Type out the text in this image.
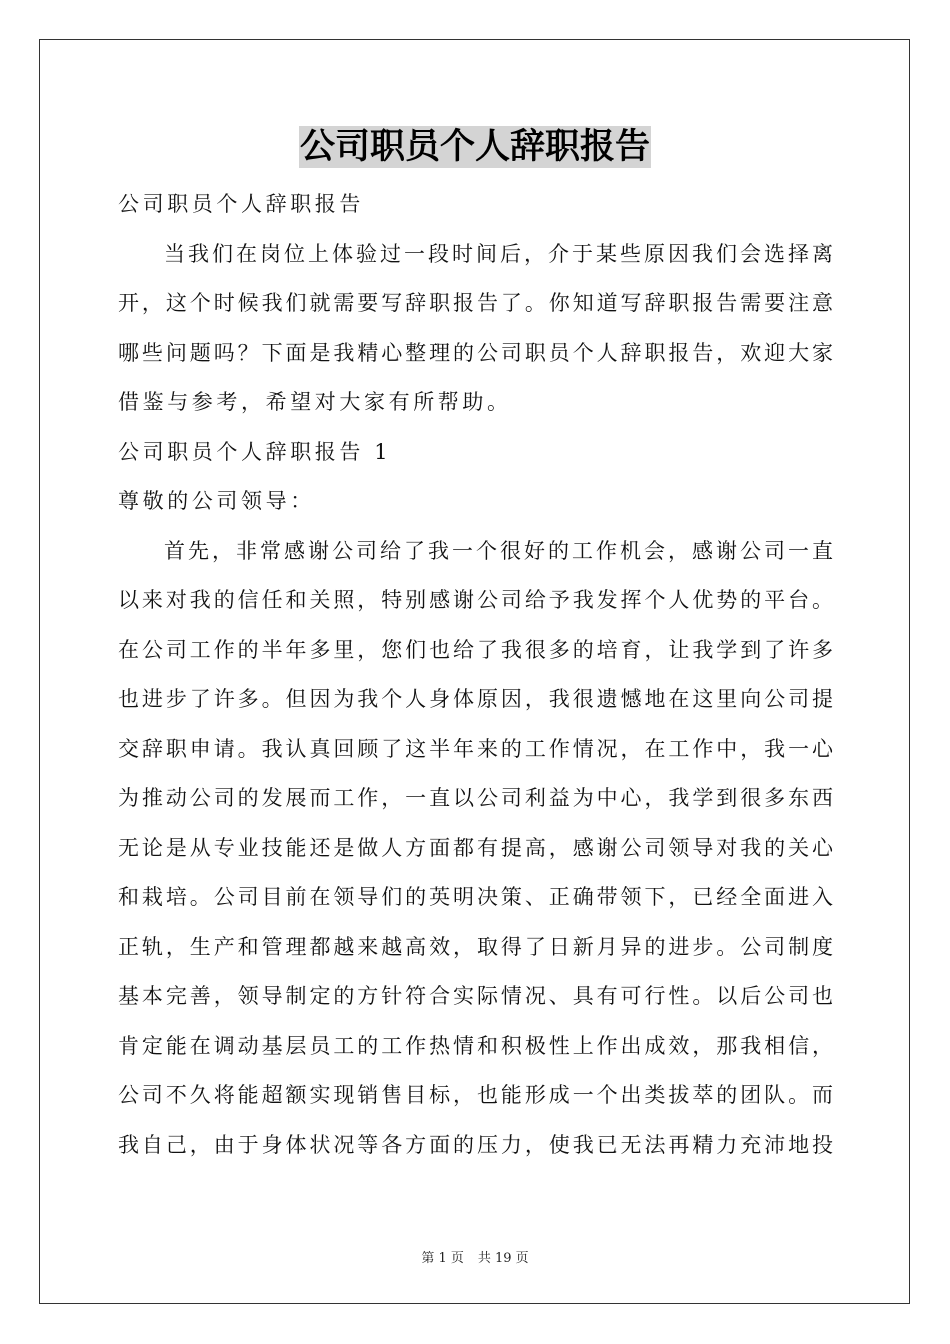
公司职员个人辞职报告
公司职员个人辞职报告
当我们在岗位上体验过一段时间后，介于某些原因我们会选择离
开，这个时候我们就需要写辞职报告了。你知道写辞职报告需要注意
哪些问题吗？下面是我精心整理的公司职员个人辞职报告，欢迎大家
借鉴与参考，希望对大家有所帮助。
公司职员个人辞职报告 1
尊敬的公司领导：
首先，非常感谢公司给了我一个很好的工作机会，感谢公司一直
以来对我的信任和关照，特别感谢公司给予我发挥个人优势的平台。
在公司工作的半年多里，您们也给了我很多的培育，让我学到了许多
也进步了许多。但因为我个人身体原因，我很遗憾地在这里向公司提
交辞职申请。我认真回顾了这半年来的工作情况，在工作中，我一心
为推动公司的发展而工作，一直以公司利益为中心，我学到很多东西
无论是从专业技能还是做人方面都有提高，感谢公司领导对我的关心
和栽培。公司目前在领导们的英明决策、正确带领下，已经全面进入
正轨，生产和管理都越来越高效，取得了日新月异的进步。公司制度
基本完善，领导制定的方针符合实际情况、具有可行性。以后公司也
肯定能在调动基层员工的工作热情和积极性上作出成效，那我相信，
公司不久将能超额实现销售目标，也能形成一个出类拔萃的团队。而
我自己，由于身体状况等各方面的压力，使我已无法再精力充沛地投
第 1 页 共 19 页
